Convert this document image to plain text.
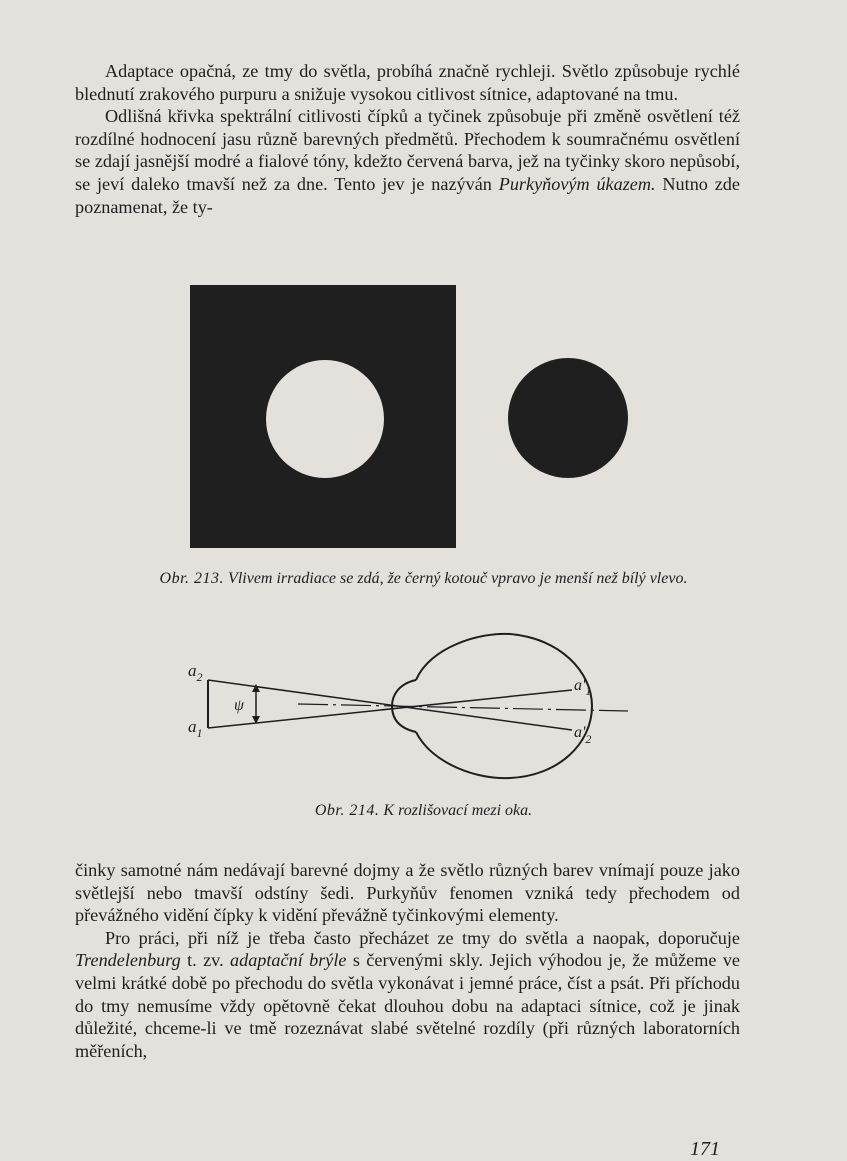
Adaptace opačná, ze tmy do světla, probíhá značně rychleji. Světlo způsobuje rychlé blednutí zrakového purpuru a snižuje vysokou citlivost sítnice, adaptované na tmu.

Odlišná křivka spektrální citlivosti čípků a tyčinek způsobuje při změně osvětlení též rozdílné hodnocení jasu různě barevných předmětů. Přechodem k soumračnému osvětlení se zdají jasnější modré a fialové tóny, kdežto červená barva, jež na tyčinky skoro nepůsobí, se jeví daleko tmavší než za dne. Tento jev je nazýván Purkyňovým úkazem. Nutno zde poznamenat, že ty-

Obr. 213. Vlivem irradiace se zdá, že černý kotouč vpravo je menší než bílý vlevo.
$a_2$
$a_1$
ψ
$a'_1$
$a'_2$
Obr. 214. K rozlišovací mezi oka.

činky samotné nám nedávají barevné dojmy a že světlo různých barev vnímají pouze jako světlejší nebo tmavší odstíny šedi. Purkyňův fenomen vzniká tedy přechodem od převážného vidění čípky k vidění převážně tyčinkovými elementy.

Pro práci, při níž je třeba často přecházet ze tmy do světla a naopak, doporučuje Trendelenburg t. zv. adaptační brýle s červenými skly. Jejich výhodou je, že můžeme ve velmi krátké době po přechodu do světla vykonávat i jemné práce, číst a psát. Při příchodu do tmy nemusíme vždy opětovně čekat dlouhou dobu na adaptaci sítnice, což je jinak důležité, chceme-li ve tmě rozeznávat slabé světelné rozdíly (při různých laboratorních měřeních,

171
